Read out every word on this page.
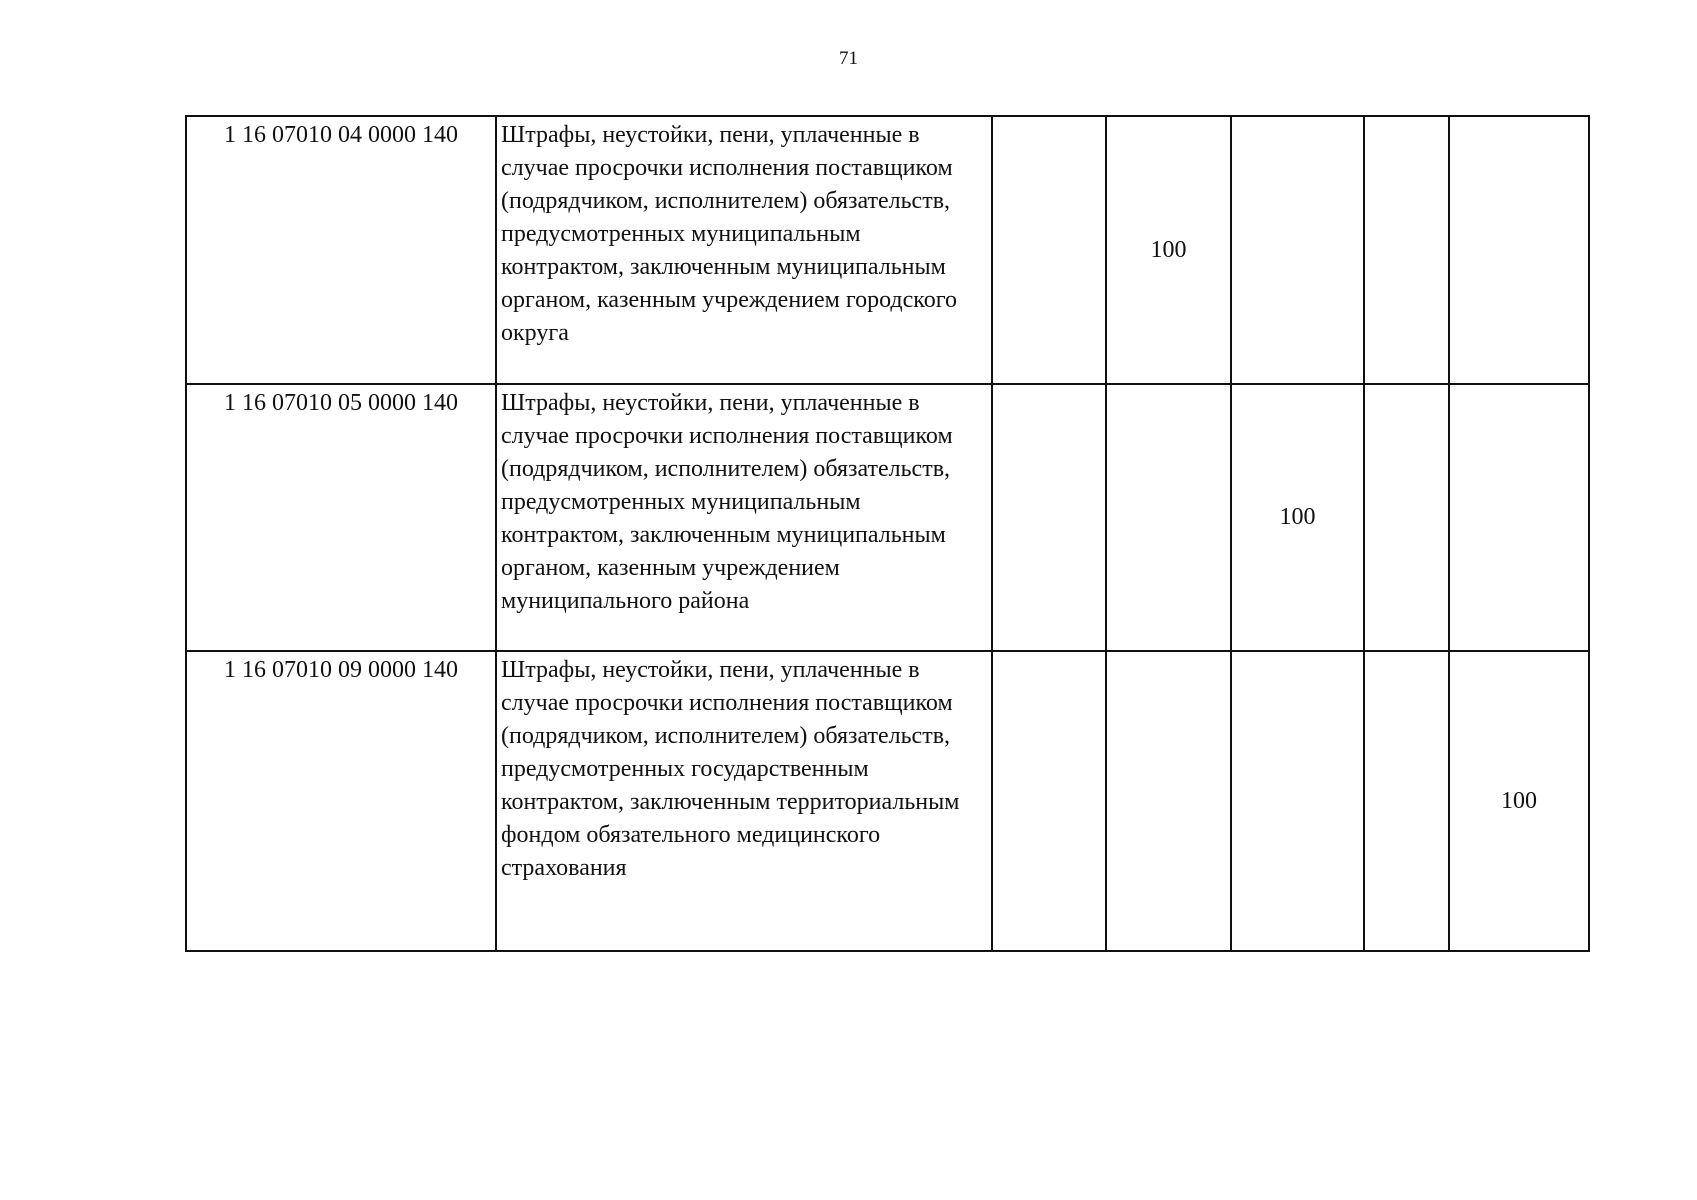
71
1 16 07010 04 0000 140	Штрафы, неустойки, пени, уплаченные в случае просрочки исполнения поставщиком (подрядчиком, исполнителем) обязательств, предусмотренных муниципальным контрактом, заключенным муниципальным органом, казенным учреждением городского округа		100			
1 16 07010 05 0000 140	Штрафы, неустойки, пени, уплаченные в случае просрочки исполнения поставщиком (подрядчиком, исполнителем) обязательств, предусмотренных муниципальным контрактом, заключенным муниципальным органом, казенным учреждением муниципального района			100		
1 16 07010 09 0000 140	Штрафы, неустойки, пени, уплаченные в случае просрочки исполнения поставщиком (подрядчиком, исполнителем) обязательств, предусмотренных государственным контрактом, заключенным территориальным фондом обязательного медицинского страхования					100
